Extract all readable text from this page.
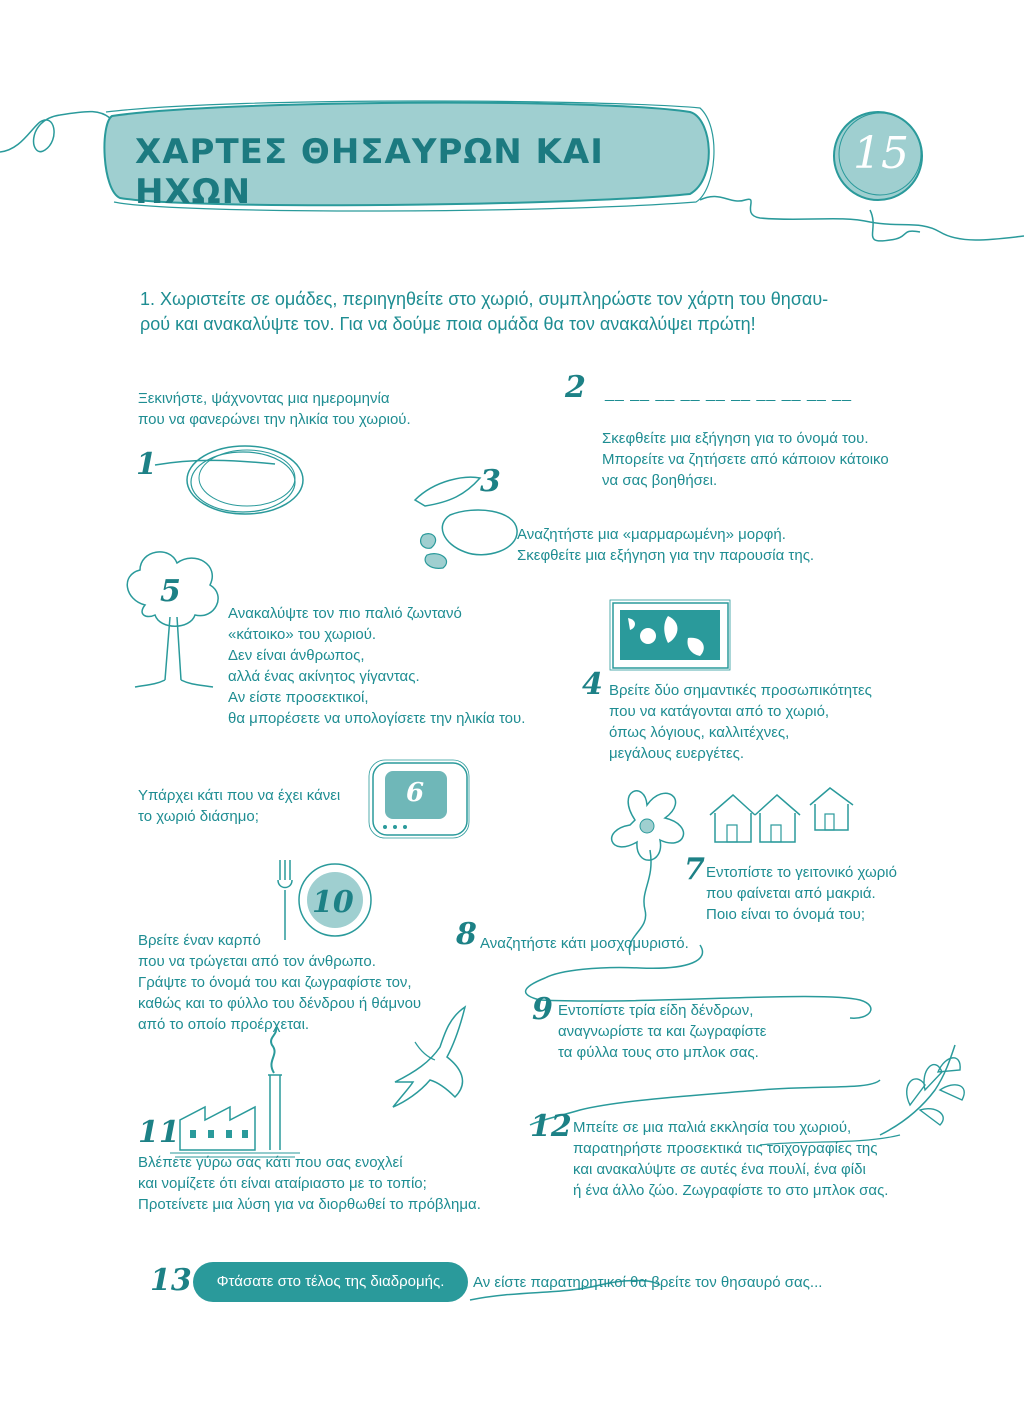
ΧΑΡΤΕΣ ΘΗΣΑΥΡΩΝ ΚΑΙ ΗΧΩΝ
15
1. Χωριστείτε σε ομάδες, περιηγηθείτε στο χωριό, συμπληρώστε τον χάρτη του θησαυ-
ρού και ανακαλύψτε τον. Για να δούμε ποια ομάδα θα τον ανακαλύψει πρώτη!
Ξεκινήστε, ψάχνοντας μια ημερομηνία
που να φανερώνει την ηλικία του χωριού.
1
2 __ __ __ __ __ __ __ __ __ __
Σκεφθείτε μια εξήγηση για το όνομά του.
Μπορείτε να ζητήσετε από κάποιον κάτοικο
να σας βοηθήσει.
3
Αναζητήστε μια «μαρμαρωμένη» μορφή.
Σκεφθείτε μια εξήγηση για την παρουσία της.
5
Ανακαλύψτε τον πιο παλιό ζωντανό
«κάτοικο» του χωριού.
Δεν είναι άνθρωπος,
αλλά ένας ακίνητος γίγαντας.
Αν είστε προσεκτικοί,
θα μπορέσετε να υπολογίσετε την ηλικία του.
4 Βρείτε δύο σημαντικές προσωπικότητες
που να κατάγονται από το χωριό,
όπως λόγιους, καλλιτέχνες,
μεγάλους ευεργέτες.
Υπάρχει κάτι που να έχει κάνει
το χωριό διάσημο;
6
7 Εντοπίστε το γειτονικό χωριό
που φαίνεται από μακριά.
Ποιο είναι το όνομά του;
10
Βρείτε έναν καρπό
που να τρώγεται από τον άνθρωπο.
Γράψτε το όνομά του και ζωγραφίστε τον,
καθώς και το φύλλο του δένδρου ή θάμνου
από το οποίο προέρχεται.
8 Αναζητήστε κάτι μοσχομυριστό.
9 Εντοπίστε τρία είδη δένδρων,
αναγνωρίστε τα και ζωγραφίστε
τα φύλλα τους στο μπλοκ σας.
11
Βλέπετε γύρω σας κάτι που σας ενοχλεί
και νομίζετε ότι είναι αταίριαστο με το τοπίο;
Προτείνετε μια λύση για να διορθωθεί το πρόβλημα.
12 Μπείτε σε μια παλιά εκκλησία του χωριού,
παρατηρήστε προσεκτικά τις τοιχογραφίες της
και ανακαλύψτε σε αυτές ένα πουλί, ένα φίδι
ή ένα άλλο ζώο. Ζωγραφίστε το στο μπλοκ σας.
13	Φτάσατε στο τέλος της διαδρομής.	Αν είστε παρατηρητικοί θα βρείτε τον θησαυρό σας...
